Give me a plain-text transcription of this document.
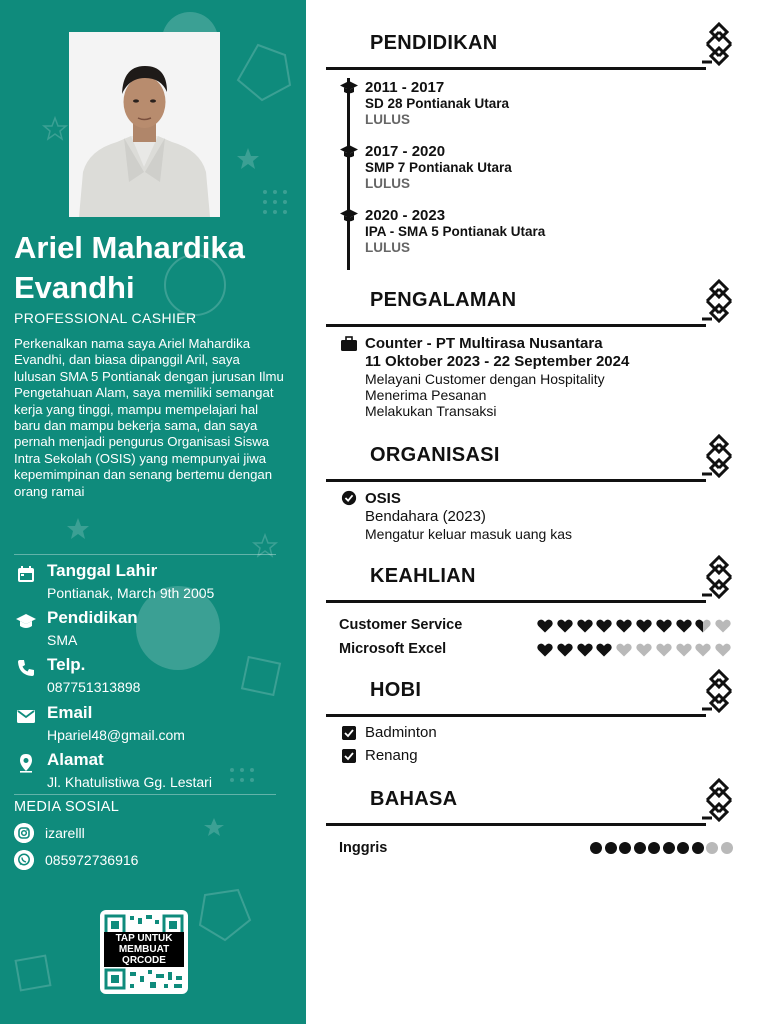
Ariel Mahardika
Evandhi
PROFESSIONAL CASHIER
Perkenalkan nama saya Ariel Mahardika Evandhi, dan biasa dipanggil Aril, saya lulusan SMA 5 Pontianak dengan jurusan Ilmu Pengetahuan Alam, saya memiliki semangat kerja yang tinggi, mampu mempelajari hal baru dan mampu bekerja sama, dan saya pernah menjadi pengurus Organisasi Siswa Intra Sekolah (OSIS) yang mempunyai jiwa kepemimpinan dan senang bertemu dengan orang ramai
Tanggal Lahir
Pontianak, March 9th 2005
Pendidikan
SMA
Telp.
087751313898
Email
Hpariel48@gmail.com
Alamat
Jl. Khatulistiwa Gg. Lestari
MEDIA SOSIAL
izarelll
085972736916
TAP UNTUK MEMBUAT QRCODE
PENDIDIKAN
2011 - 2017
SD 28 Pontianak Utara
LULUS
2017 - 2020
SMP 7 Pontianak Utara
LULUS
2020 - 2023
IPA - SMA 5 Pontianak Utara
LULUS
PENGALAMAN
Counter - PT Multirasa Nusantara
11 Oktober 2023 - 22 September 2024
Melayani Customer dengan Hospitality
Menerima Pesanan
Melakukan Transaksi
ORGANISASI
OSIS
Bendahara (2023)
Mengatur keluar masuk uang kas
KEAHLIAN
Customer Service
Microsoft Excel
HOBI
Badminton
Renang
BAHASA
Inggris
